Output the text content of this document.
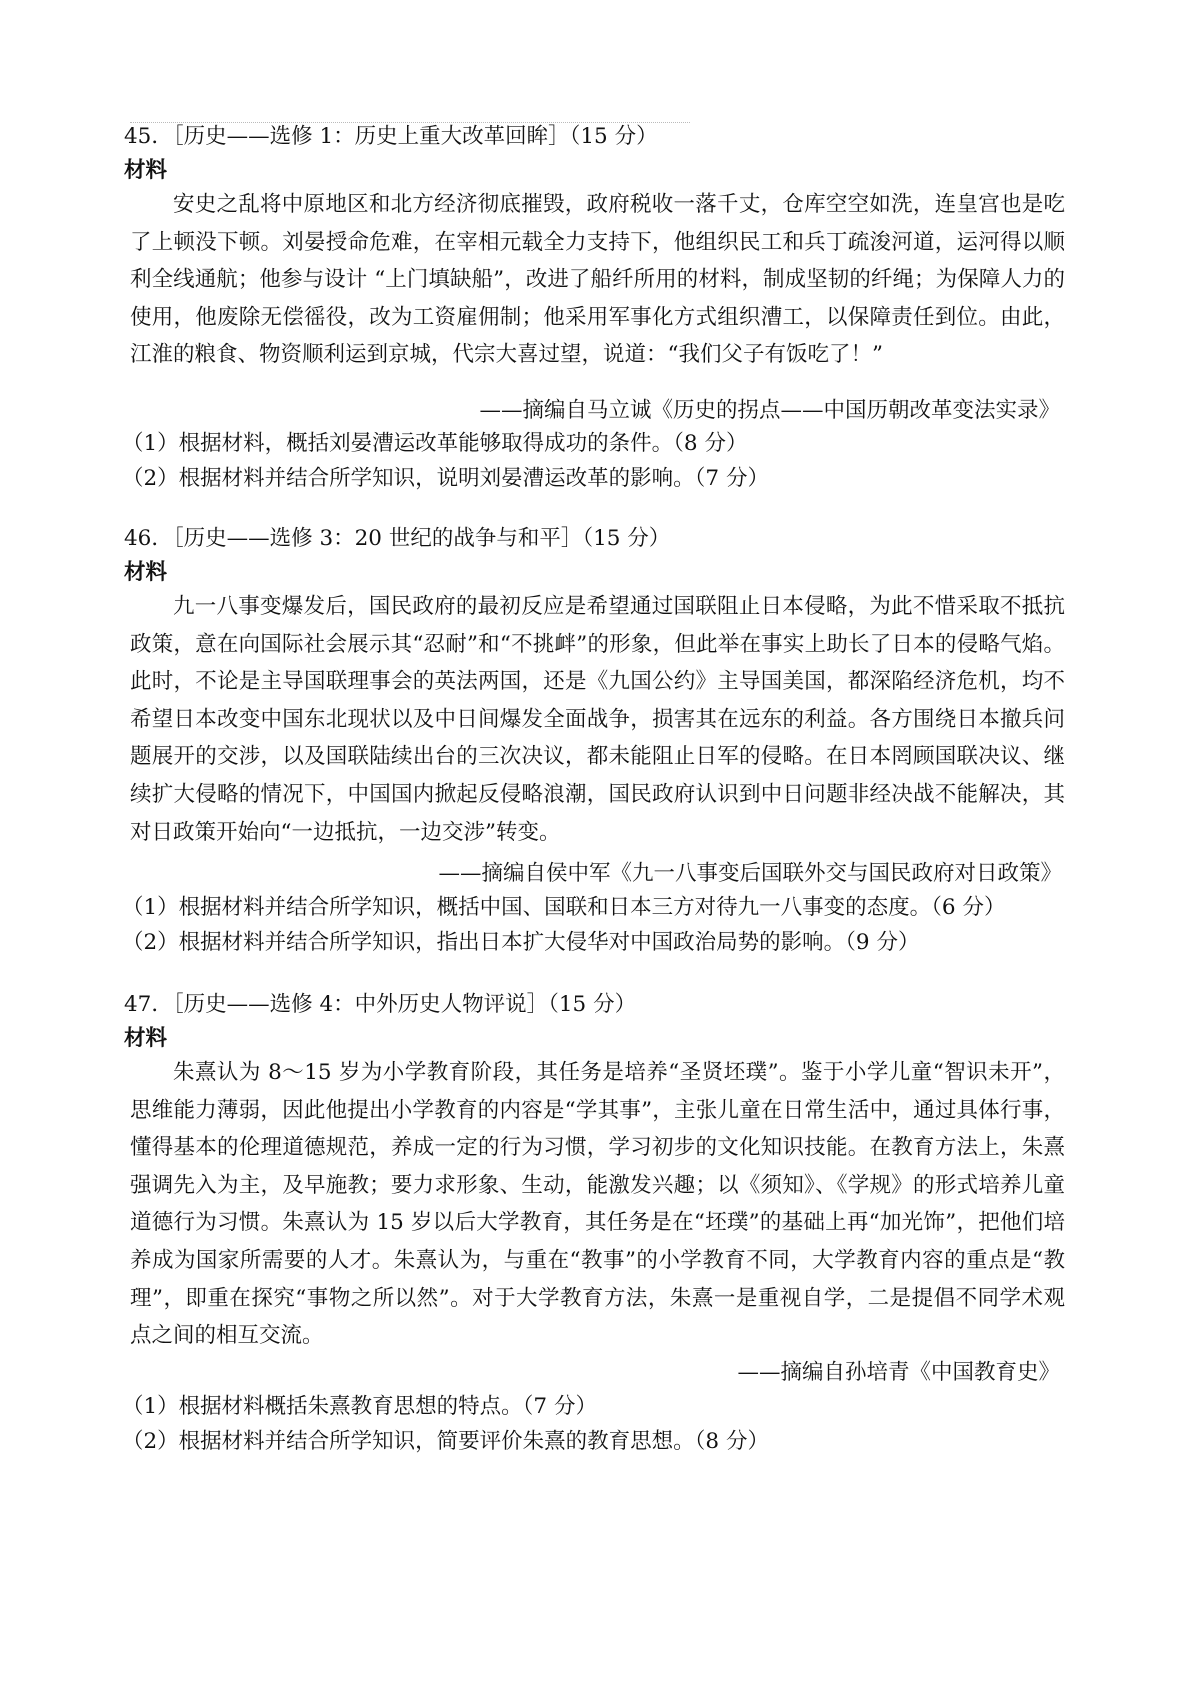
45．［历史——选修 1：历史上重大改革回眸］（15 分）
材料
安史之乱将中原地区和北方经济彻底摧毁，政府税收一落千丈，仓库空空如洗，连皇宫也是吃了上顿没下顿。刘晏授命危难，在宰相元载全力支持下，他组织民工和兵丁疏浚河道，运河得以顺利全线通航；他参与设计 “上门填缺船”，改进了船纤所用的材料，制成坚韧的纤绳；为保障人力的使用，他废除无偿徭役，改为工资雇佣制；他采用军事化方式组织漕工，以保障责任到位。由此，江淮的粮食、物资顺利运到京城，代宗大喜过望，说道：“我们父子有饭吃了！”
——摘编自马立诚《历史的拐点——中国历朝改革变法实录》
（1）根据材料，概括刘晏漕运改革能够取得成功的条件。（8 分）
（2）根据材料并结合所学知识，说明刘晏漕运改革的影响。（7 分）
46．［历史——选修 3：20 世纪的战争与和平］（15 分）
材料
九一八事变爆发后，国民政府的最初反应是希望通过国联阻止日本侵略，为此不惜采取不抵抗政策，意在向国际社会展示其“忍耐”和“不挑衅”的形象，但此举在事实上助长了日本的侵略气焰。此时，不论是主导国联理事会的英法两国，还是《九国公约》主导国美国，都深陷经济危机，均不希望日本改变中国东北现状以及中日间爆发全面战争，损害其在远东的利益。各方围绕日本撤兵问题展开的交涉，以及国联陆续出台的三次决议，都未能阻止日军的侵略。在日本罔顾国联决议、继续扩大侵略的情况下，中国国内掀起反侵略浪潮，国民政府认识到中日问题非经决战不能解决，其对日政策开始向“一边抵抗，一边交涉”转变。
——摘编自侯中军《九一八事变后国联外交与国民政府对日政策》
（1）根据材料并结合所学知识，概括中国、国联和日本三方对待九一八事变的态度。（6 分）
（2）根据材料并结合所学知识，指出日本扩大侵华对中国政治局势的影响。（9 分）
47．［历史——选修 4：中外历史人物评说］（15 分）
材料
朱熹认为 8～15 岁为小学教育阶段，其任务是培养“圣贤坯璞”。鉴于小学儿童“智识未开”，思维能力薄弱，因此他提出小学教育的内容是“学其事”，主张儿童在日常生活中，通过具体行事，懂得基本的伦理道德规范，养成一定的行为习惯，学习初步的文化知识技能。在教育方法上，朱熹强调先入为主，及早施教；要力求形象、生动，能激发兴趣；以《须知》、《学规》的形式培养儿童道德行为习惯。朱熹认为 15 岁以后大学教育，其任务是在“坯璞”的基础上再“加光饰”，把他们培养成为国家所需要的人才。朱熹认为，与重在“教事”的小学教育不同，大学教育内容的重点是“教理”，即重在探究“事物之所以然”。对于大学教育方法，朱熹一是重视自学，二是提倡不同学术观点之间的相互交流。
——摘编自孙培青《中国教育史》
（1）根据材料概括朱熹教育思想的特点。（7 分）
（2）根据材料并结合所学知识，简要评价朱熹的教育思想。（8 分）
